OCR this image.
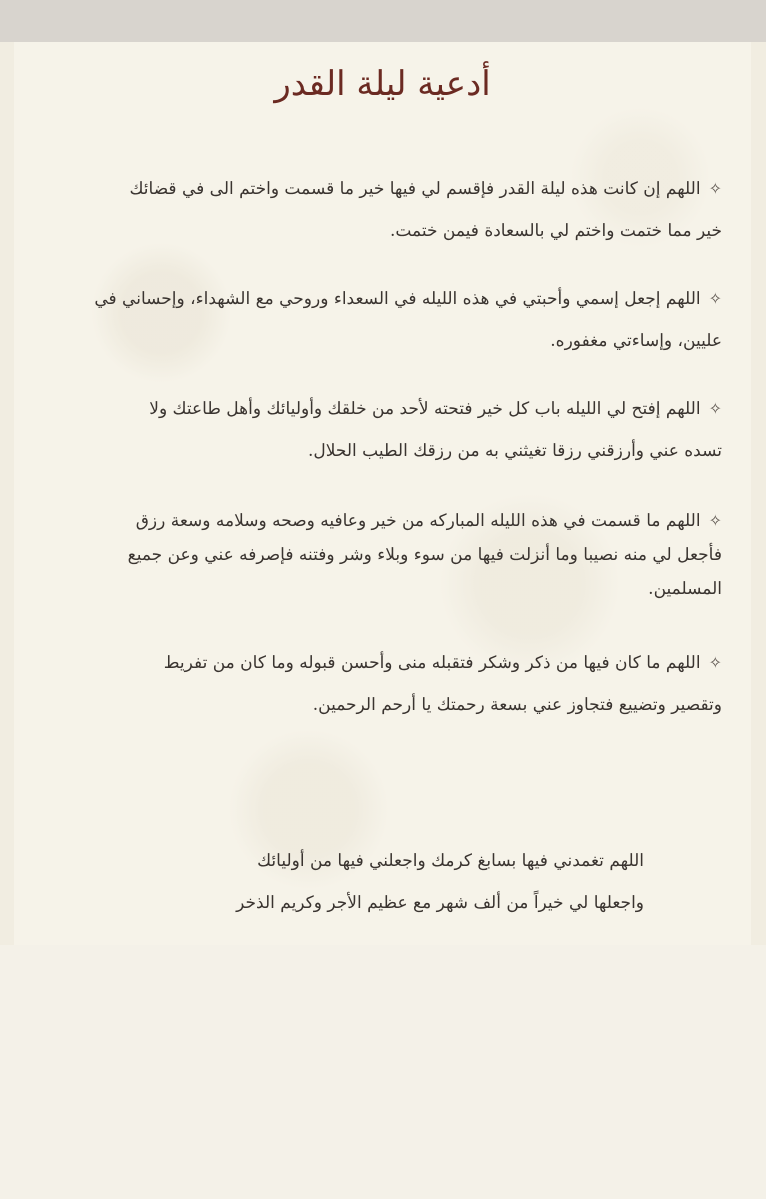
أدعية ليلة القدر
✧اللهم إن كانت هذه ليلة القدر فإقسم لي فيها خير ما قسمت واختم الى في قضائك
خير مما ختمت واختم لي بالسعادة فيمن ختمت.
✧اللهم إجعل إسمي وأحبتي في هذه الليله في السعداء وروحي مع الشهداء، وإحساني في
عليين، وإساءتي مغفوره.
✧اللهم إفتح لي الليله باب كل خير فتحته لأحد من خلقك وأوليائك وأهل طاعتك ولا
تسده عني وأرزقني رزقا تغيثني به من رزقك الطيب الحلال.
✧اللهم ما قسمت في هذه الليله المباركه من خير وعافيه وصحه وسلامه وسعة رزق
فأجعل لي منه نصيبا وما أنزلت فيها من سوء وبلاء وشر وفتنه فإصرفه عني وعن جميع
المسلمين.
✧اللهم ما كان فيها من ذكر وشكر فتقبله منى وأحسن قبوله وما كان من تفريط
وتقصير وتضييع فتجاوز عني بسعة رحمتك يا أرحم الرحمين.
اللهم تغمدني فيها بسابغ كرمك واجعلني فيها من أوليائك
واجعلها لي خيراً من ألف شهر مع عظيم الأجر وكريم الذخر
